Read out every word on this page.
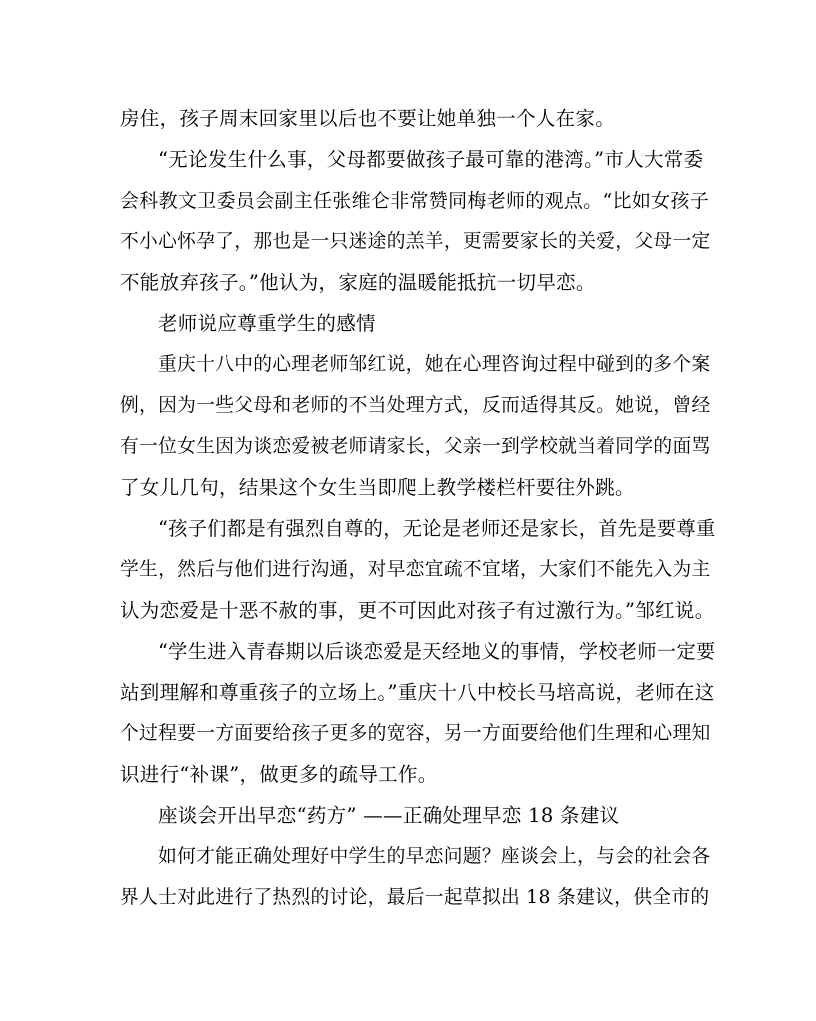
房住，孩子周末回家里以后也不要让她单独一个人在家。
“无论发生什么事，父母都要做孩子最可靠的港湾。”市人大常委
会科教文卫委员会副主任张维仑非常赞同梅老师的观点。“比如女孩子
不小心怀孕了，那也是一只迷途的羔羊，更需要家长的关爱，父母一定
不能放弃孩子。”他认为，家庭的温暖能抵抗一切早恋。
老师说应尊重学生的感情
重庆十八中的心理老师邹红说，她在心理咨询过程中碰到的多个案
例，因为一些父母和老师的不当处理方式，反而适得其反。她说，曾经
有一位女生因为谈恋爱被老师请家长，父亲一到学校就当着同学的面骂
了女儿几句，结果这个女生当即爬上教学楼栏杆要往外跳。
“孩子们都是有强烈自尊的，无论是老师还是家长，首先是要尊重
学生，然后与他们进行沟通，对早恋宜疏不宜堵，大家们不能先入为主
认为恋爱是十恶不赦的事，更不可因此对孩子有过激行为。”邹红说。
“学生进入青春期以后谈恋爱是天经地义的事情，学校老师一定要
站到理解和尊重孩子的立场上。”重庆十八中校长马培高说，老师在这
个过程要一方面要给孩子更多的宽容，另一方面要给他们生理和心理知
识进行“补课”，做更多的疏导工作。
座谈会开出早恋“药方” ——正确处理早恋 18 条建议
如何才能正确处理好中学生的早恋问题？座谈会上，与会的社会各
界人士对此进行了热烈的讨论，最后一起草拟出 18 条建议，供全市的
